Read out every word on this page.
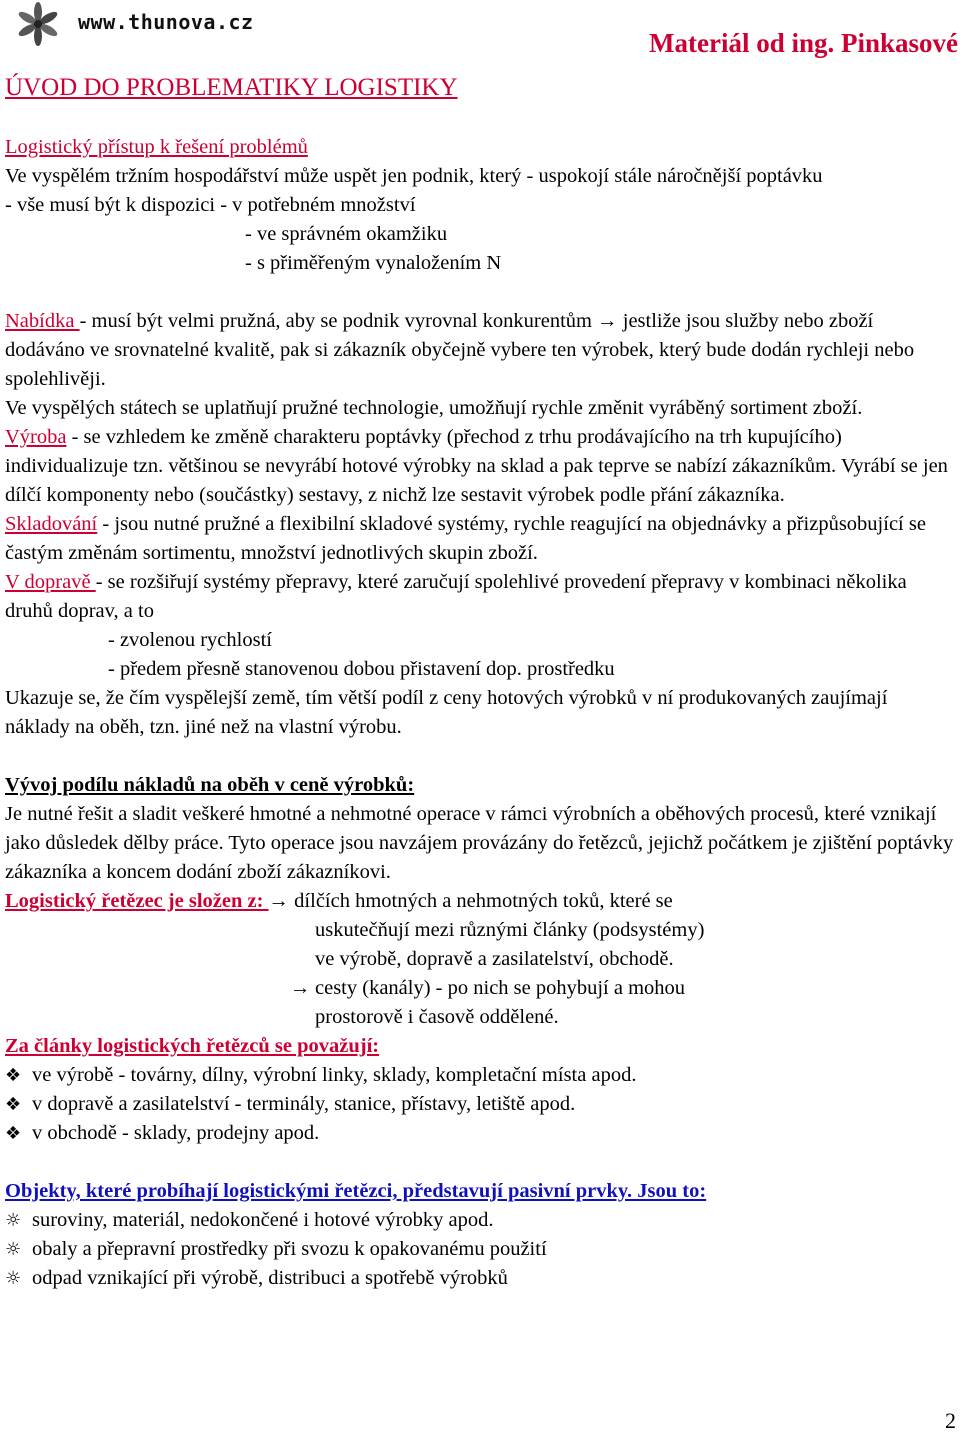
www.thunova.cz
Materiál od ing. Pinkasové
ÚVOD DO PROBLEMATIKY LOGISTIKY

Logistický přístup k řešení problémů

Ve vyspělém tržním hospodářství může uspět jen podnik, který - uspokojí stále náročnější poptávku

- vše musí být k dispozici - v potřebném množství

- ve správném okamžiku

- s přiměřeným vynaložením N

Nabídka - musí být velmi pružná, aby se podnik vyrovnal konkurentům → jestliže jsou služby nebo zboží dodáváno ve srovnatelné kvalitě, pak si zákazník obyčejně vybere ten výrobek, který bude dodán rychleji nebo spolehlivěji.

Ve vyspělých státech se uplatňují pružné technologie, umožňují rychle změnit vyráběný sortiment zboží.

Výroba - se vzhledem ke změně charakteru poptávky (přechod z trhu prodávajícího na trh kupujícího) individualizuje tzn. většinou se nevyrábí hotové výrobky na sklad a pak teprve se nabízí zákazníkům. Vyrábí se jen dílčí komponenty nebo (součástky) sestavy, z nichž lze sestavit výrobek podle přání zákazníka.

Skladování - jsou nutné pružné a flexibilní skladové systémy, rychle reagující na objednávky a přizpůsobující se častým změnám sortimentu, množství jednotlivých skupin zboží.

V dopravě - se rozšiřují systémy přepravy, které zaručují spolehlivé provedení přepravy v kombinaci několika druhů doprav, a to

- zvolenou rychlostí

- předem přesně stanovenou dobou přistavení dop. prostředku

Ukazuje se, že čím vyspělejší země, tím větší podíl z ceny hotových výrobků v ní produkovaných zaujímají náklady na oběh, tzn. jiné než na vlastní výrobu.

Vývoj podílu nákladů na oběh v ceně výrobků:

Je nutné řešit a sladit veškeré hmotné a nehmotné operace v rámci výrobních a oběhových procesů, které vznikají jako důsledek dělby práce. Tyto operace jsou navzájem provázány do řetězců, jejichž počátkem je zjištění poptávky zákazníka a koncem dodání zboží zákazníkovi.

Logistický řetězec je složen z: → dílčích hmotných a nehmotných toků, které se

uskutečňují mezi různými články (podsystémy)

ve výrobě, dopravě a zasilatelství, obchodě.

→ cesty (kanály) - po nich se pohybují a mohou

prostorově i časově oddělené.

Za články logistických řetězců se považují:

❖ ve výrobě - továrny, dílny, výrobní linky, sklady, kompletační místa apod.

❖ v dopravě a zasilatelství - terminály, stanice, přístavy, letiště apod.

❖ v obchodě - sklady, prodejny apod.

Objekty, které probíhají logistickými řetězci, představují pasivní prvky. Jsou to:

☼ suroviny, materiál, nedokončené i hotové výrobky apod.

☼ obaly a přepravní prostředky při svozu k opakovanému použití

☼ odpad vznikající při výrobě, distribuci a spotřebě výrobků

2
